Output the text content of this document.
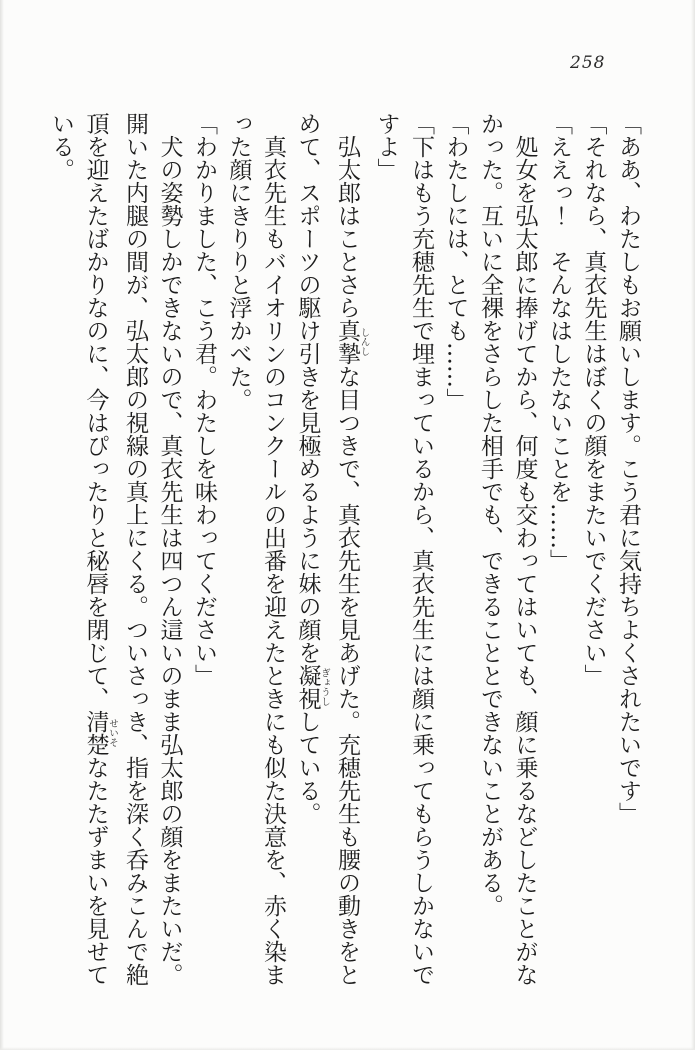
258

「ああ、わたしもお願いします。こう君に気持ちよくされたいです」

「それなら、真衣先生はぼくの顔をまたいでください」

「ええっ！　そんなはしたないことを……」

　処女を弘太郎に捧げてから、何度も交わってはいても、顔に乗るなどしたことがな

かった。互いに全裸をさらした相手でも、できることとできないことがある。

「わたしには、とても……」

「下はもう充穂先生で埋まっているから、真衣先生には顔に乗ってもらうしかないで

すよ」

　弘太郎はことさら真摯しんしな目つきで、真衣先生を見あげた。充穂先生も腰の動きをと

めて、スポーツの駆け引きを見極めるように妹の顔を凝視ぎょうししている。

　真衣先生もバイオリンのコンクールの出番を迎えたときにも似た決意を、赤く染ま

った顔にきりりと浮かべた。

「わかりました、こう君。わたしを味わってください」

　犬の姿勢しかできないので、真衣先生は四つん這いのまま弘太郎の顔をまたいだ。

開いた内腿の間が、弘太郎の視線の真上にくる。ついさっき、指を深く呑みこんで絶

頂を迎えたばかりなのに、今はぴったりと秘唇を閉じて、清楚せいそなたたずまいを見せて

いる。
